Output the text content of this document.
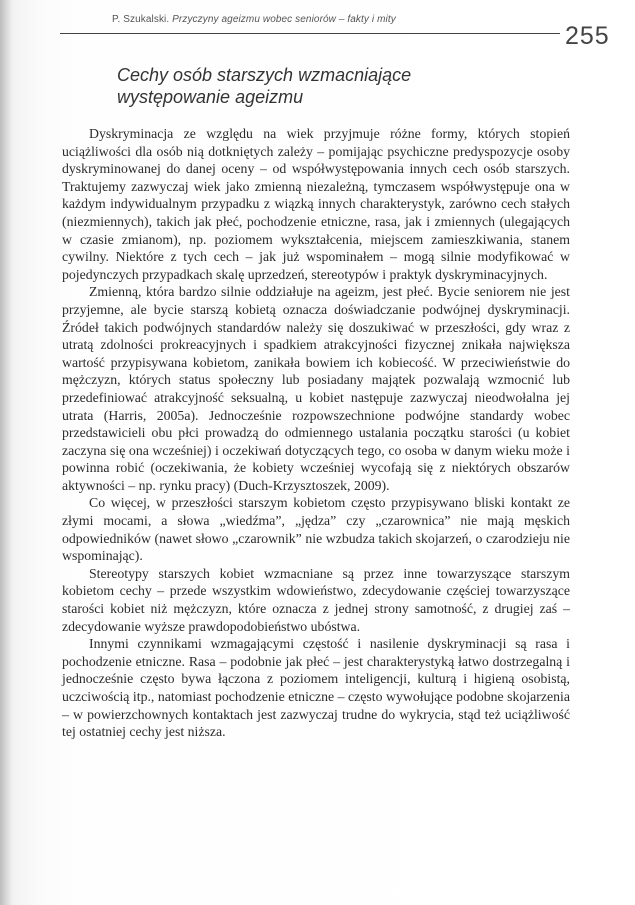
P. Szukalski. Przyczyny ageizmu wobec seniorów – fakty i mity
255
Cechy osób starszych wzmacniające
występowanie ageizmu

Dyskryminacja ze względu na wiek przyjmuje różne formy, których stopień uciążliwości dla osób nią dotkniętych zależy – pomijając psychiczne predyspozycje osoby dyskryminowanej do danej oceny – od współwystępowania innych cech osób starszych. Traktujemy zazwyczaj wiek jako zmienną niezależną, tymczasem współwystępuje ona w każdym indywidualnym przypadku z wiązką innych charakterystyk, zarówno cech stałych (niezmiennych), takich jak płeć, pochodzenie etniczne, rasa, jak i zmiennych (ulegających w czasie zmianom), np. poziomem wykształcenia, miejscem zamieszkiwania, stanem cywilny. Niektóre z tych cech – jak już wspominałem – mogą silnie modyfikować w pojedynczych przypadkach skalę uprzedzeń, stereotypów i praktyk dyskryminacyjnych.

Zmienną, która bardzo silnie oddziałuje na ageizm, jest płeć. Bycie seniorem nie jest przyjemne, ale bycie starszą kobietą oznacza doświadczanie podwójnej dyskryminacji. Źródeł takich podwójnych standardów należy się doszukiwać w przeszłości, gdy wraz z utratą zdolności prokreacyjnych i spadkiem atrakcyjności fizycznej znikała największa wartość przypisywana kobietom, zanikała bowiem ich kobiecość. W przeciwieństwie do mężczyzn, których status społeczny lub posiadany majątek pozwalają wzmocnić lub przedefiniować atrakcyjność seksualną, u kobiet następuje zazwyczaj nieodwołalna jej utrata (Harris, 2005a). Jednocześnie rozpowszechnione podwójne standardy wobec przedstawicieli obu płci prowadzą do odmiennego ustalania początku starości (u kobiet zaczyna się ona wcześniej) i oczekiwań dotyczących tego, co osoba w danym wieku może i powinna robić (oczekiwania, że kobiety wcześniej wycofają się z niektórych obszarów aktywności – np. rynku pracy) (Duch-Krzysztoszek, 2009).

Co więcej, w przeszłości starszym kobietom często przypisywano bliski kontakt ze złymi mocami, a słowa „wiedźma”, „jędza” czy „czarownica” nie mają męskich odpowiedników (nawet słowo „czarownik” nie wzbudza takich skojarzeń, o czarodzieju nie wspominając).

Stereotypy starszych kobiet wzmacniane są przez inne towarzyszące starszym kobietom cechy – przede wszystkim wdowieństwo, zdecydowanie częściej towarzyszące starości kobiet niż mężczyzn, które oznacza z jednej strony samotność, z drugiej zaś – zdecydowanie wyższe prawdopodobieństwo ubóstwa.

Innymi czynnikami wzmagającymi częstość i nasilenie dyskryminacji są rasa i pochodzenie etniczne. Rasa – podobnie jak płeć – jest charakterystyką łatwo dostrzegalną i jednocześnie często bywa łączona z poziomem inteligencji, kulturą i higieną osobistą, uczciwością itp., natomiast pochodzenie etniczne – często wywołujące podobne skojarzenia – w powierzchownych kontaktach jest zazwyczaj trudne do wykrycia, stąd też uciążliwość tej ostatniej cechy jest niższa.
